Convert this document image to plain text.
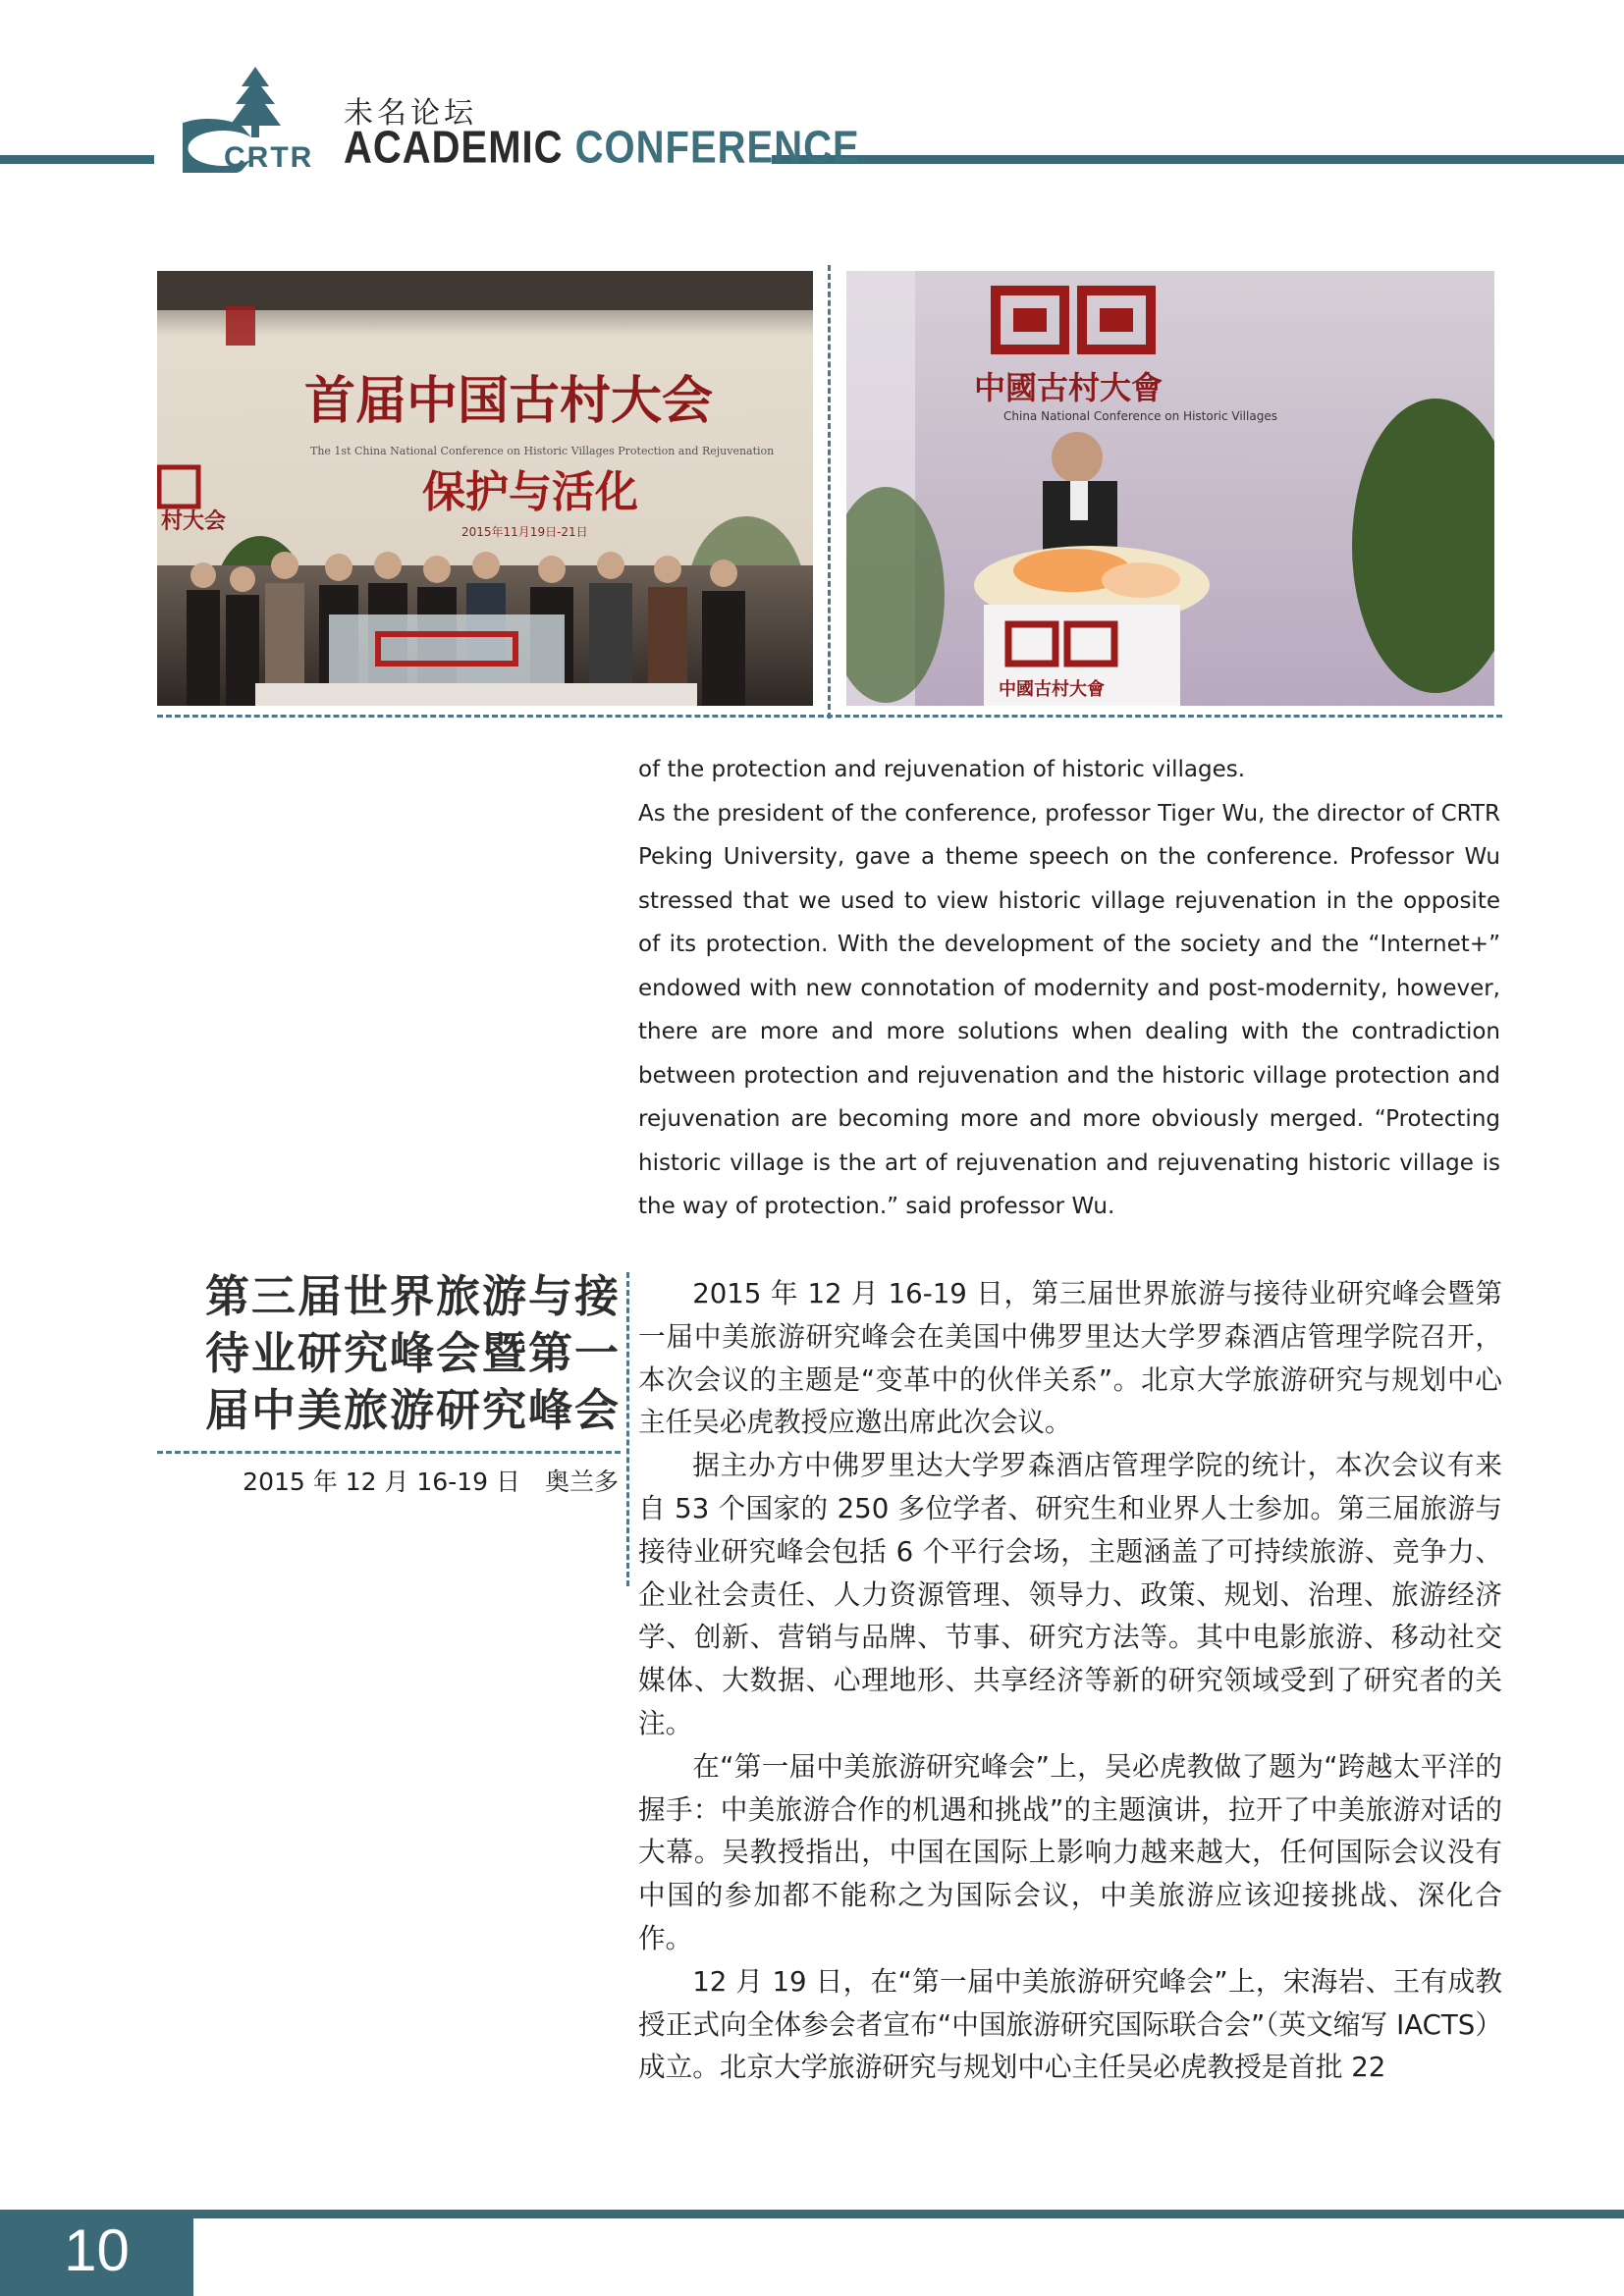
CRTR
未名论坛
ACADEMIC CONFERENCE
首届中国古村大会
The 1st China National Conference on Historic Villages Protection and Rejuvenation
保护与活化
2015年11月19日-21日
村大会
中國古村大會
China National Conference on Historic Villages
中國古村大會

of the protection and rejuvenation of historic villages.

As the president of the conference, professor Tiger Wu, the director of CRTR Peking University, gave a theme speech on the conference. Professor Wu stressed that we used to view historic village rejuvenation in the opposite of its protection. With the development of the society and the “Internet+” endowed with new connotation of modernity and post-modernity, however, there are more and more solutions when dealing with the contradiction between protection and rejuvenation and the historic village protection and rejuvenation are becoming more and more obviously merged. “Protecting historic village is the art of rejuvenation and rejuvenating historic village is the way of protection.” said professor Wu.

第三届世界旅游与接
待业研究峰会暨第一
届中美旅游研究峰会
2015 年 12 月 16-19 日　奥兰多

2015 年 12 月 16-19 日，第三届世界旅游与接待业研究峰会暨第一届中美旅游研究峰会在美国中佛罗里达大学罗森酒店管理学院召开，本次会议的主题是“变革中的伙伴关系”。北京大学旅游研究与规划中心主任吴必虎教授应邀出席此次会议。

据主办方中佛罗里达大学罗森酒店管理学院的统计，本次会议有来自 53 个国家的 250 多位学者、研究生和业界人士参加。第三届旅游与接待业研究峰会包括 6 个平行会场，主题涵盖了可持续旅游、竞争力、企业社会责任、人力资源管理、领导力、政策、规划、治理、旅游经济学、创新、营销与品牌、节事、研究方法等。其中电影旅游、移动社交媒体、大数据、心理地形、共享经济等新的研究领域受到了研究者的关注。

在“第一届中美旅游研究峰会”上，吴必虎教做了题为“跨越太平洋的握手：中美旅游合作的机遇和挑战”的主题演讲，拉开了中美旅游对话的大幕。吴教授指出，中国在国际上影响力越来越大，任何国际会议没有中国的参加都不能称之为国际会议，中美旅游应该迎接挑战、深化合作。

12 月 19 日，在“第一届中美旅游研究峰会”上，宋海岩、王有成教授正式向全体参会者宣布“中国旅游研究国际联合会”（英文缩写 IACTS）成立。北京大学旅游研究与规划中心主任吴必虎教授是首批 22

10
